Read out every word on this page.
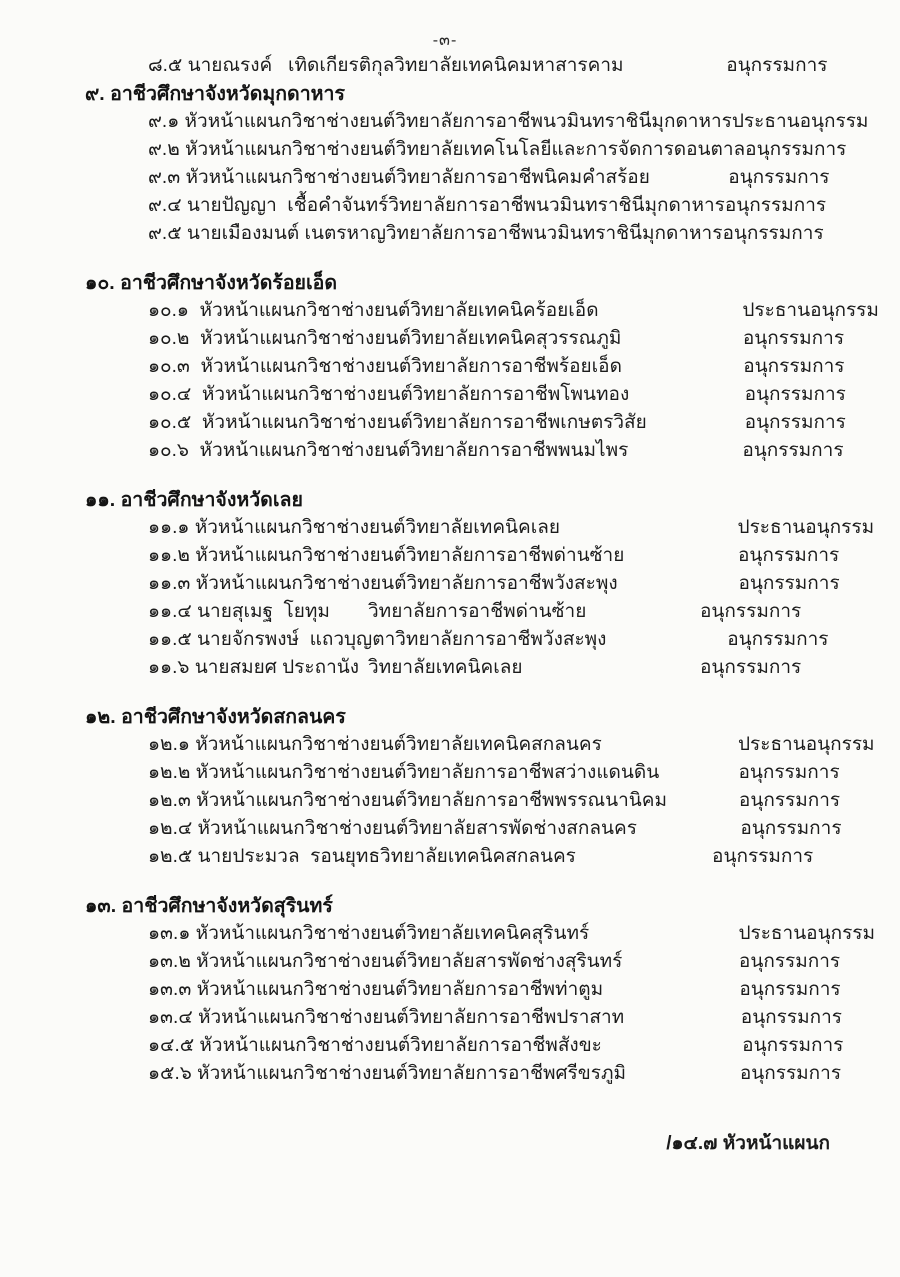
-๓-
๘.๕ นายณรงค์   เทิดเกียรติกุล วิทยาลัยเทคนิคมหาสารคาม	อนุกรรมการ
๙. อาชีวศึกษาจังหวัดมุกดาหาร
๙.๑ หัวหน้าแผนกวิชาช่างยนต์ วิทยาลัยการอาชีพนวมินทราชินีมุกดาหาร ประธานอนุกรรม
๙.๒ หัวหน้าแผนกวิชาช่างยนต์ วิทยาลัยเทคโนโลยีและการจัดการดอนตาล อนุกรรมการ
๙.๓ หัวหน้าแผนกวิชาช่างยนต์ วิทยาลัยการอาชีพนิคมคำสร้อย	อนุกรรมการ
๙.๔ นายปัญญา  เชื้อคำจันทร์ วิทยาลัยการอาชีพนวมินทราชินีมุกดาหาร อนุกรรมการ
๙.๕ นายเมืองมนต์ เนตรหาญ วิทยาลัยการอาชีพนวมินทราชินีมุกดาหาร อนุกรรมการ
๑๐. อาชีวศึกษาจังหวัดร้อยเอ็ด
๑๐.๑  หัวหน้าแผนกวิชาช่างยนต์ วิทยาลัยเทคนิคร้อยเอ็ด	ประธานอนุกรรม
๑๐.๒  หัวหน้าแผนกวิชาช่างยนต์ วิทยาลัยเทคนิคสุวรรณภูมิ	อนุกรรมการ
๑๐.๓  หัวหน้าแผนกวิชาช่างยนต์ วิทยาลัยการอาชีพร้อยเอ็ด	อนุกรรมการ
๑๐.๔  หัวหน้าแผนกวิชาช่างยนต์ วิทยาลัยการอาชีพโพนทอง	อนุกรรมการ
๑๐.๕  หัวหน้าแผนกวิชาช่างยนต์ วิทยาลัยการอาชีพเกษตรวิสัย	อนุกรรมการ
๑๐.๖  หัวหน้าแผนกวิชาช่างยนต์ วิทยาลัยการอาชีพพนมไพร	อนุกรรมการ
๑๑. อาชีวศึกษาจังหวัดเลย
๑๑.๑ หัวหน้าแผนกวิชาช่างยนต์ วิทยาลัยเทคนิคเลย	ประธานอนุกรรม
๑๑.๒ หัวหน้าแผนกวิชาช่างยนต์ วิทยาลัยการอาชีพด่านซ้าย	อนุกรรมการ
๑๑.๓ หัวหน้าแผนกวิชาช่างยนต์ วิทยาลัยการอาชีพวังสะพุง	อนุกรรมการ
๑๑.๔ นายสุเมฐ  โยทุม	วิทยาลัยการอาชีพด่านซ้าย	อนุกรรมการ
๑๑.๕ นายจักรพงษ์  แถวบุญตา วิทยาลัยการอาชีพวังสะพุง	อนุกรรมการ
๑๑.๖ นายสมยศ ประถานัง วิทยาลัยเทคนิคเลย	อนุกรรมการ
๑๒. อาชีวศึกษาจังหวัดสกลนคร
๑๒.๑ หัวหน้าแผนกวิชาช่างยนต์ วิทยาลัยเทคนิคสกลนคร	ประธานอนุกรรม
๑๒.๒ หัวหน้าแผนกวิชาช่างยนต์ วิทยาลัยการอาชีพสว่างแดนดิน	อนุกรรมการ
๑๒.๓ หัวหน้าแผนกวิชาช่างยนต์ วิทยาลัยการอาชีพพรรณนานิคม	อนุกรรมการ
๑๒.๔ หัวหน้าแผนกวิชาช่างยนต์ วิทยาลัยสารพัดช่างสกลนคร	อนุกรรมการ
๑๒.๕ นายประมวล  รอนยุทธ วิทยาลัยเทคนิคสกลนคร	อนุกรรมการ
๑๓. อาชีวศึกษาจังหวัดสุรินทร์
๑๓.๑ หัวหน้าแผนกวิชาช่างยนต์ วิทยาลัยเทคนิคสุรินทร์	ประธานอนุกรรม
๑๓.๒ หัวหน้าแผนกวิชาช่างยนต์ วิทยาลัยสารพัดช่างสุรินทร์	อนุกรรมการ
๑๓.๓ หัวหน้าแผนกวิชาช่างยนต์ วิทยาลัยการอาชีพท่าตูม	อนุกรรมการ
๑๓.๔ หัวหน้าแผนกวิชาช่างยนต์ วิทยาลัยการอาชีพปราสาท	อนุกรรมการ
๑๔.๕ หัวหน้าแผนกวิชาช่างยนต์ วิทยาลัยการอาชีพสังขะ	อนุกรรมการ
๑๕.๖ หัวหน้าแผนกวิชาช่างยนต์ วิทยาลัยการอาชีพศรีขรภูมิ	อนุกรรมการ
/๑๔.๗ หัวหน้าแผนก
